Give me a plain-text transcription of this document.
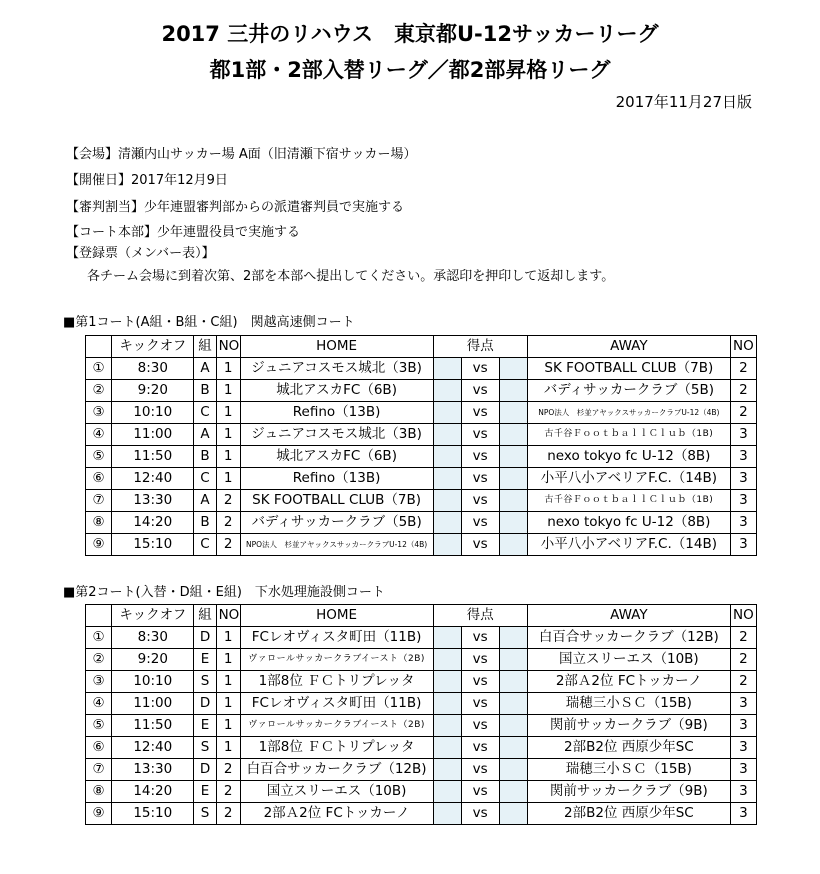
2017 三井のリハウス　東京都U-12サッカーリーグ
都1部・2部入替リーグ／都2部昇格リーグ
2017年11月27日版
【会場】清瀬内山サッカー場 A面（旧清瀬下宿サッカー場）
【開催日】2017年12月9日
【審判割当】少年連盟審判部からの派遣審判員で実施する
【コート本部】少年連盟役員で実施する
【登録票（メンバー表）】
各チーム会場に到着次第、2部を本部へ提出してください。承認印を押印して返却します。
■第1コート(A組・B組・C組)　関越高速側コート
	キックオフ	組	NO	HOME	得点			AWAY	NO
①	8:30	A	1	ジュニアコスモス城北（3B)		vs		SK FOOTBALL CLUB（7B)	2
②	9:20	B	1	城北アスカFC（6B)		vs		バディサッカークラブ（5B)	2
③	10:10	C	1	Refino（13B)		vs		NPO法人　杉並アヤックスサッカークラブU-12（4B)	2
④	11:00	A	1	ジュニアコスモス城北（3B)		vs		古千谷ＦｏｏｔｂａｌｌＣｌｕｂ（1B)	3
⑤	11:50	B	1	城北アスカFC（6B)		vs		nexo tokyo fc U-12（8B)	3
⑥	12:40	C	1	Refino（13B)		vs		小平八小アベリアF.C.（14B)	3
⑦	13:30	A	2	SK FOOTBALL CLUB（7B)		vs		古千谷ＦｏｏｔｂａｌｌＣｌｕｂ（1B)	3
⑧	14:20	B	2	バディサッカークラブ（5B)		vs		nexo tokyo fc U-12（8B)	3
⑨	15:10	C	2	NPO法人　杉並アヤックスサッカークラブU-12（4B)		vs		小平八小アベリアF.C.（14B)	3
■第2コート(入替・D組・E組)　下水処理施設側コート
	キックオフ	組	NO	HOME	得点			AWAY	NO
①	8:30	D	1	FCレオヴィスタ町田（11B)		vs		白百合サッカークラブ（12B)	2
②	9:20	E	1	ヴァロールサッカークラブイースト（2B)		vs		国立スリーエス（10B)	2
③	10:10	S	1	1部8位 ＦＣトリプレッタ		vs		2部Ａ2位 FCトッカーノ	2
④	11:00	D	1	FCレオヴィスタ町田（11B)		vs		瑞穂三小ＳＣ（15B)	3
⑤	11:50	E	1	ヴァロールサッカークラブイースト（2B)		vs		関前サッカークラブ（9B)	3
⑥	12:40	S	1	1部8位 ＦＣトリプレッタ		vs		2部B2位 西原少年SC	3
⑦	13:30	D	2	白百合サッカークラブ（12B)		vs		瑞穂三小ＳＣ（15B)	3
⑧	14:20	E	2	国立スリーエス（10B)		vs		関前サッカークラブ（9B)	3
⑨	15:10	S	2	2部Ａ2位 FCトッカーノ		vs		2部B2位 西原少年SC	3
